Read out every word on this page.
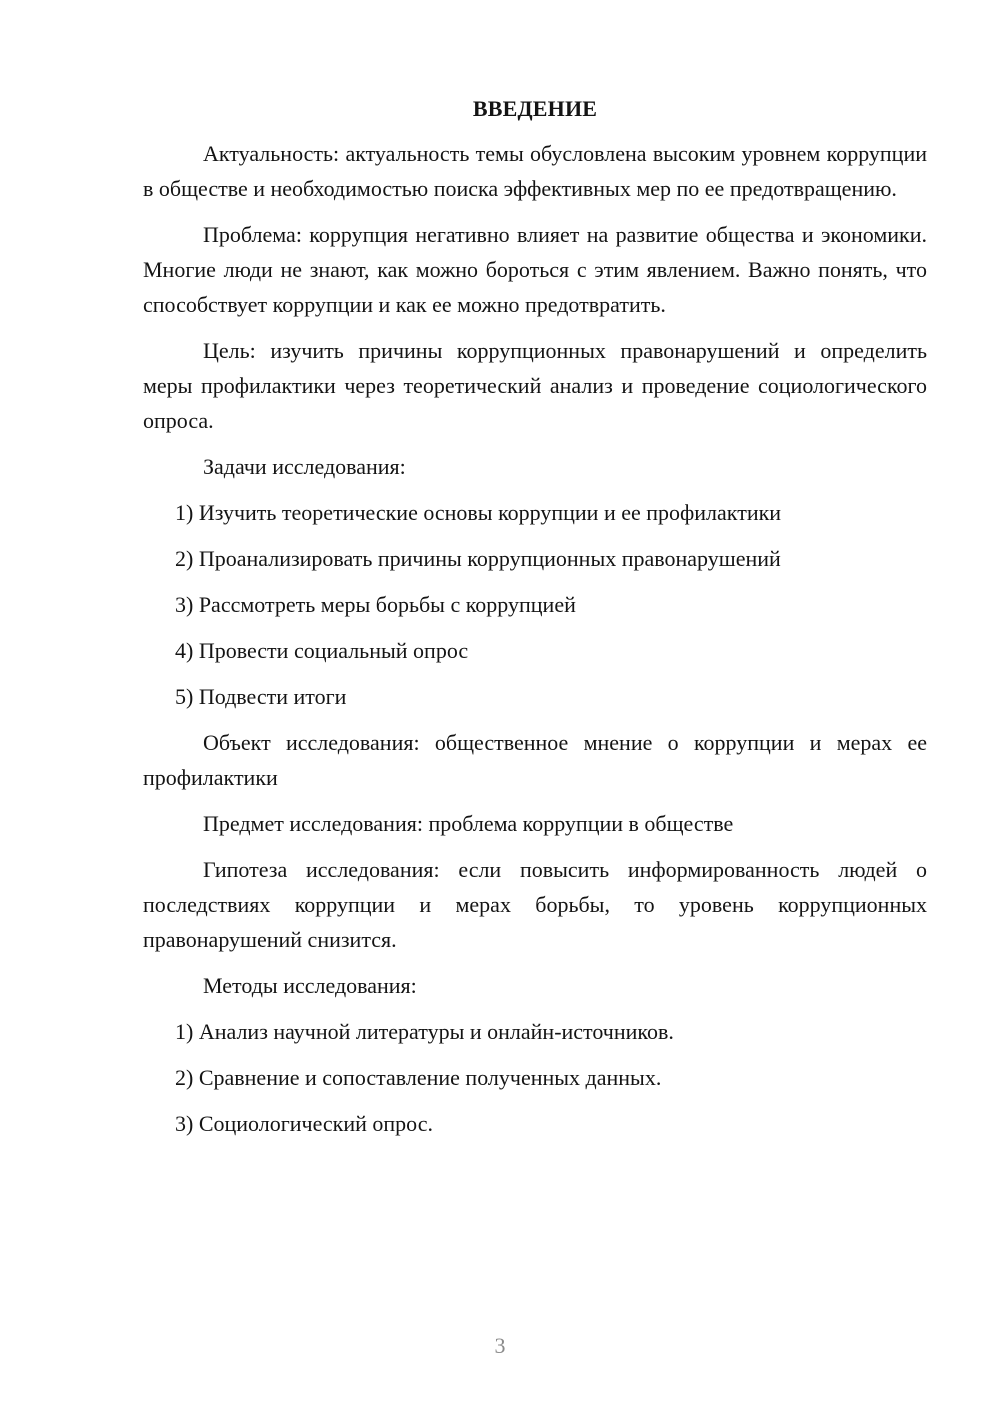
ВВЕДЕНИЕ

Актуальность: актуальность темы обусловлена высоким уровнем коррупции в обществе и необходимостью поиска эффективных мер по ее предотвращению.

Проблема: коррупция негативно влияет на развитие общества и экономики. Многие люди не знают, как можно бороться с этим явлением. Важно понять, что способствует коррупции и как ее можно предотвратить.

Цель: изучить причины коррупционных правонарушений и определить меры профилактики через теоретический анализ и проведение социологического опроса.

Задачи исследования:

1) Изучить теоретические основы коррупции и ее профилактики
2) Проанализировать причины коррупционных правонарушений
3) Рассмотреть меры борьбы с коррупцией
4) Провести социальный опрос
5) Подвести итоги

Объект исследования: общественное мнение о коррупции и мерах ее профилактики

Предмет исследования: проблема коррупции в обществе

Гипотеза исследования: если повысить информированность людей о последствиях коррупции и мерах борьбы, то уровень коррупционных правонарушений снизится.

Методы исследования:

1) Анализ научной литературы и онлайн-источников.
2) Сравнение и сопоставление полученных данных.
3) Социологический опрос.
3
